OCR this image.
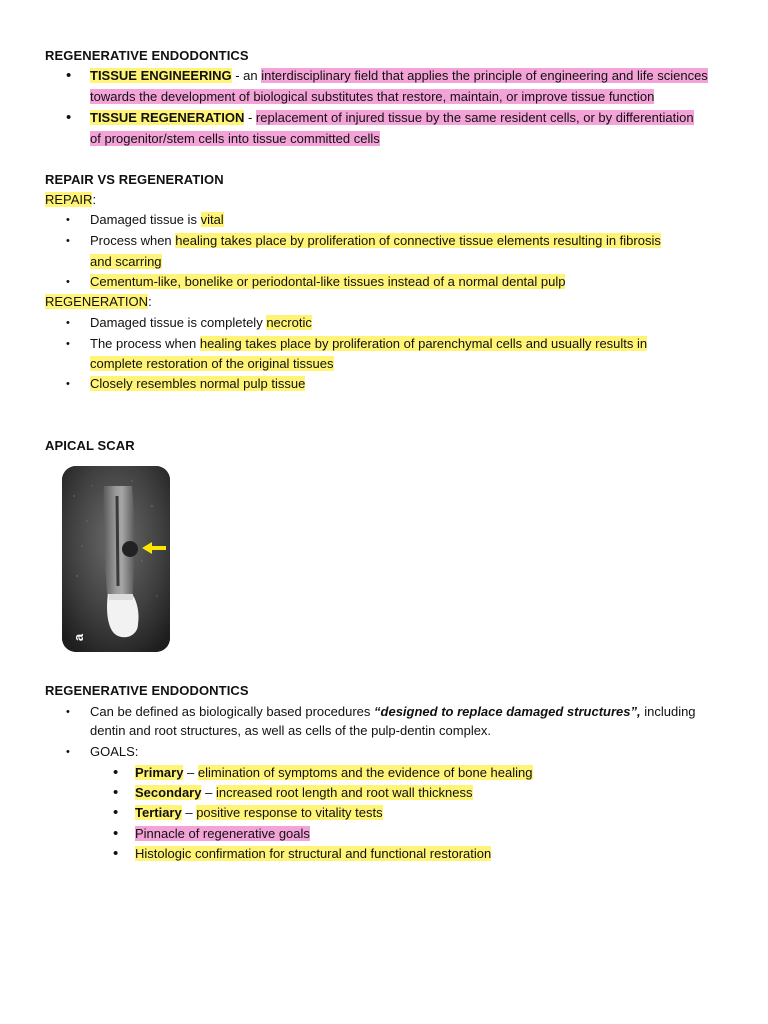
REGENERATIVE ENDODONTICS
• TISSUE ENGINEERING - an interdisciplinary field that applies the principle of engineering and life sciences
towards the development of biological substitutes that restore, maintain, or improve tissue function
• TISSUE REGENERATION - replacement of injured tissue by the same resident cells, or by differentiation
of progenitor/stem cells into tissue committed cells
REPAIR VS REGENERATION
REPAIR:
• Damaged tissue is vital
• Process when healing takes place by proliferation of connective tissue elements resulting in fibrosis
and scarring
• Cementum-like, bonelike or periodontal-like tissues instead of a normal dental pulp
REGENERATION:
• Damaged tissue is completely necrotic
• The process when healing takes place by proliferation of parenchymal cells and usually results in
complete restoration of the original tissues
• Closely resembles normal pulp tissue
APICAL SCAR
a
REGENERATIVE ENDODONTICS
• Can be defined as biologically based procedures “designed to replace damaged structures”, including
dentin and root structures, as well as cells of the pulp-dentin complex.
• GOALS:
• Primary – elimination of symptoms and the evidence of bone healing
• Secondary – increased root length and root wall thickness
• Tertiary – positive response to vitality tests
• Pinnacle of regenerative goals
• Histologic confirmation for structural and functional restoration
